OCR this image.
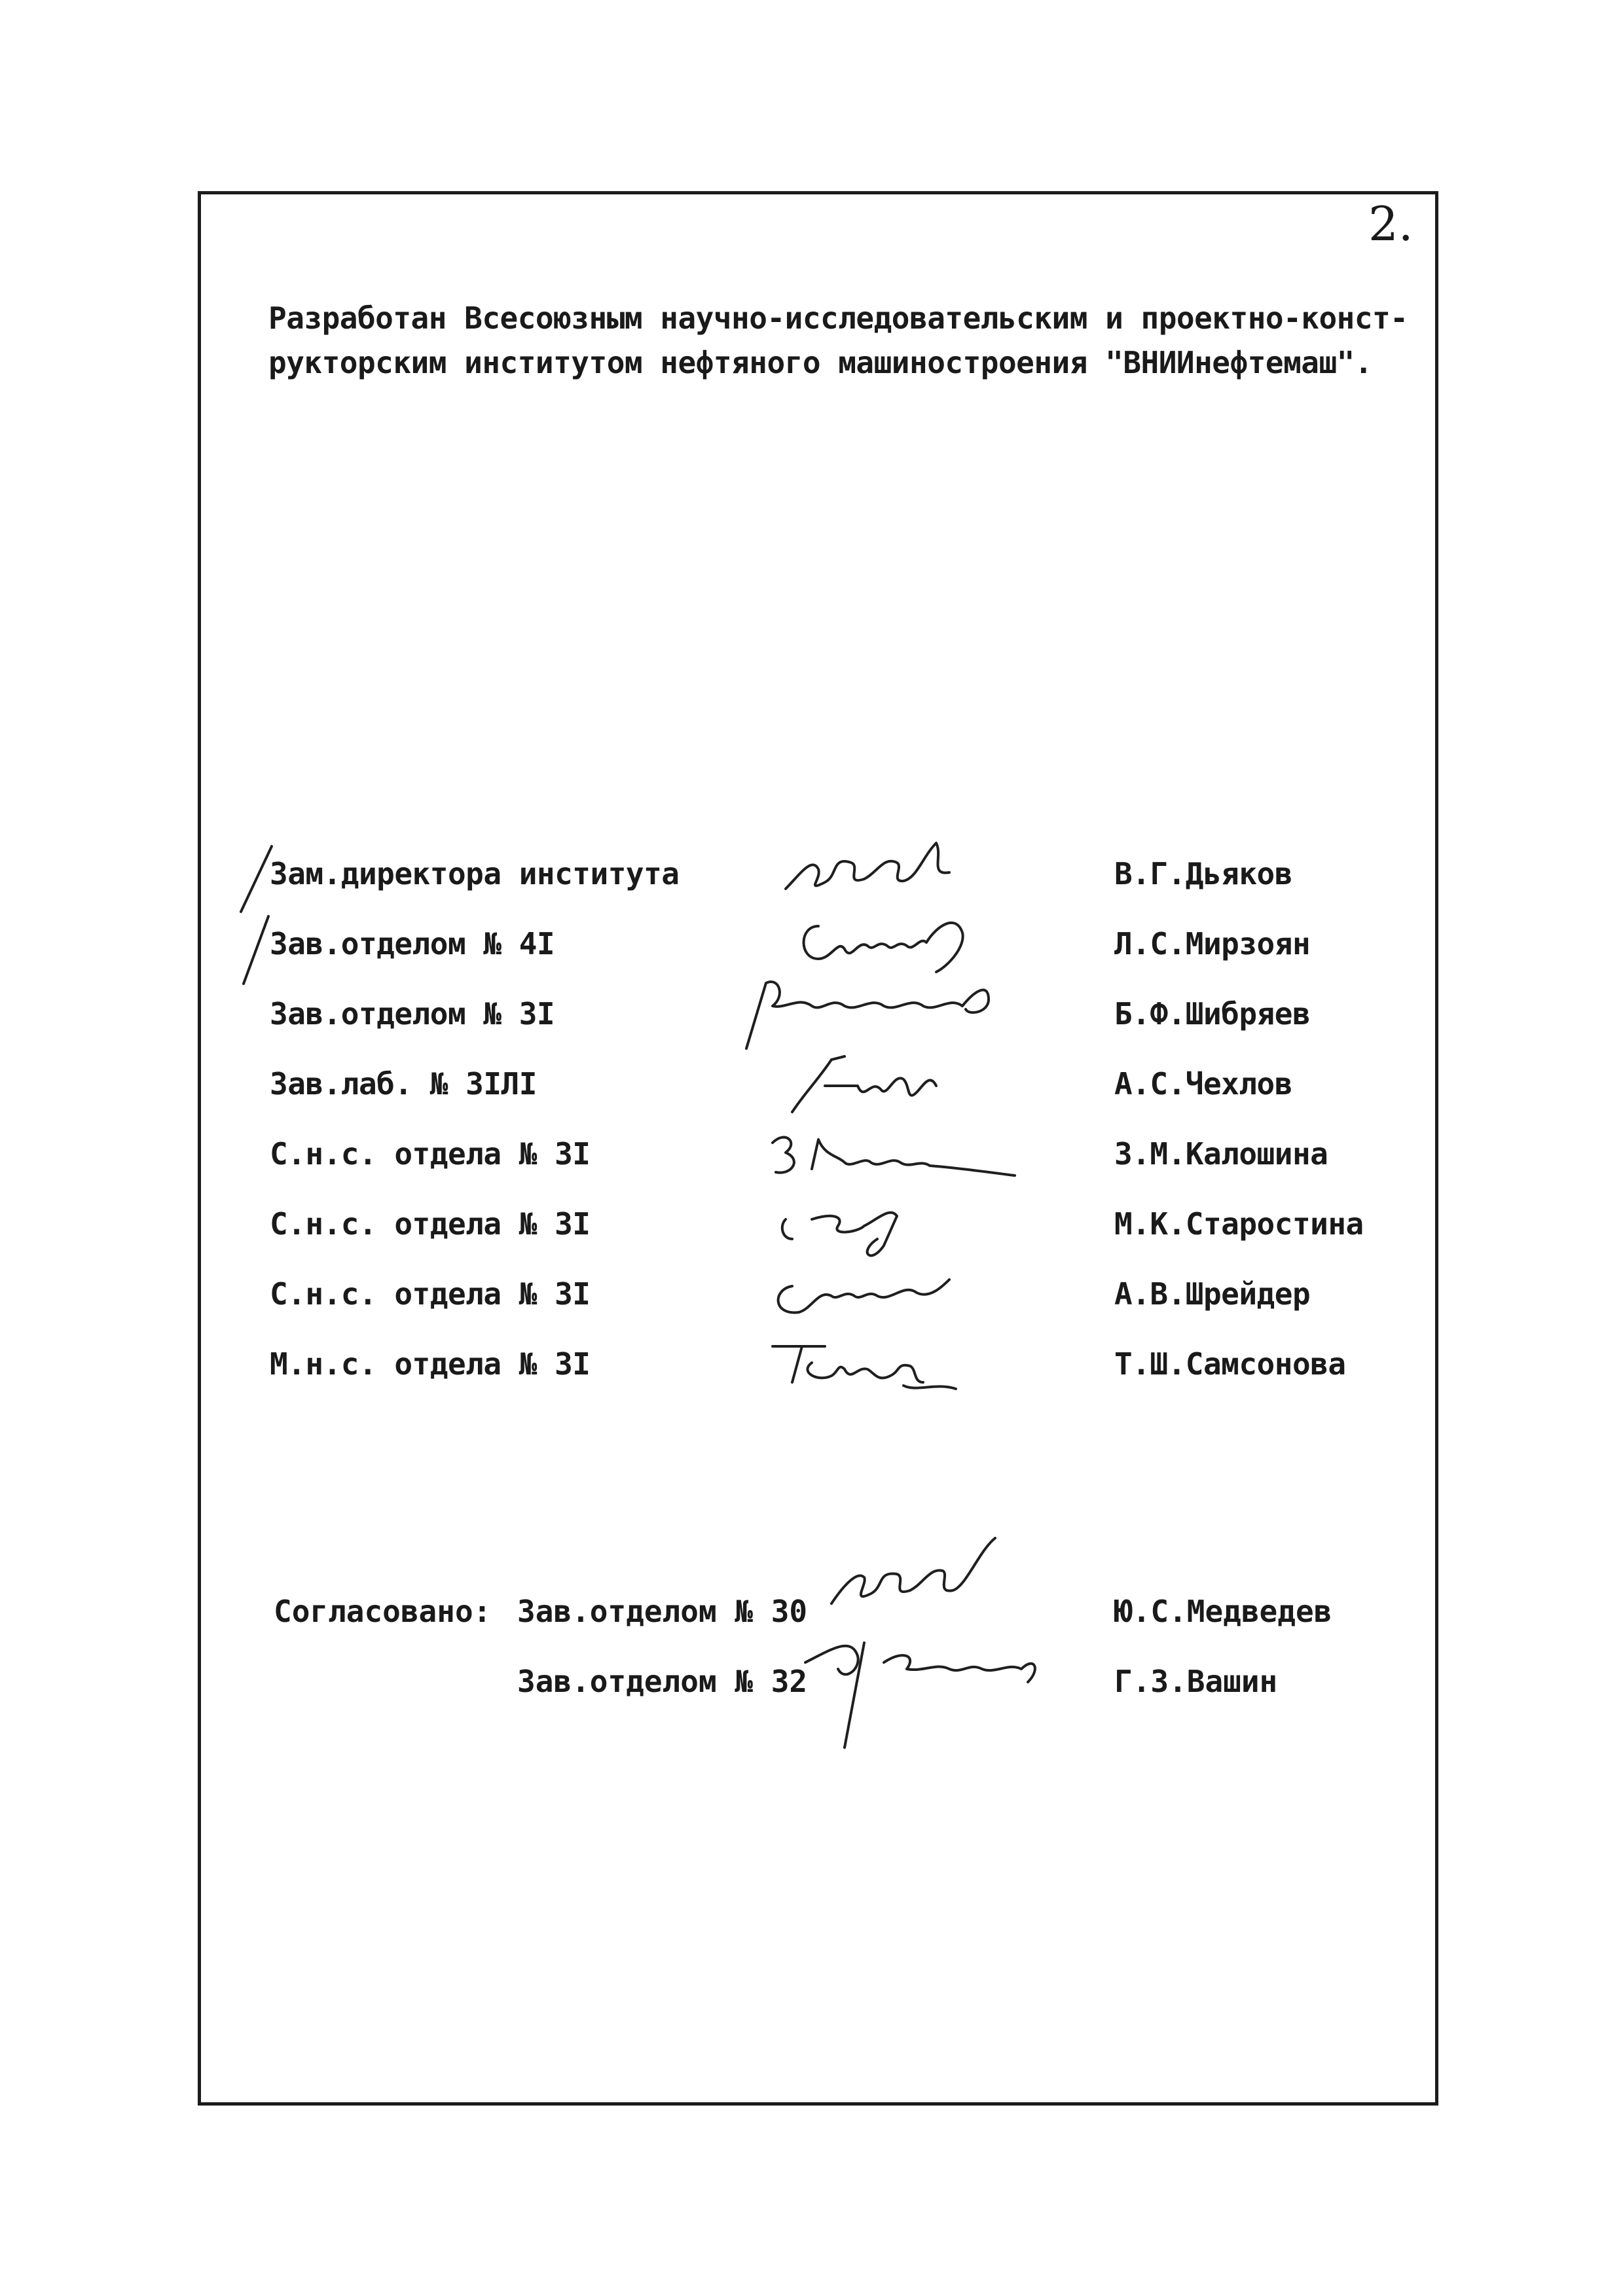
2.
Разработан Всесоюзным научно-исследовательским и проектно-конст-
рукторским институтом нефтяного машиностроения "ВНИИнефтемаш".
Зам.директора института	В.Г.Дьяков
Зав.отделом № 4I	Л.С.Мирзоян
Зав.отделом № 3I	Б.Ф.Шибряев
Зав.лаб. № 3IЛI	А.С.Чехлов
С.н.с. отдела № 3I	З.М.Калошина
С.н.с. отдела № 3I	М.К.Старостина
С.н.с. отдела № 3I	А.В.Шрейдер
М.н.с. отдела № 3I	Т.Ш.Самсонова
Согласовано: Зав.отделом № 30	Ю.С.Медведев
Зав.отделом № 32	Г.З.Вашин
